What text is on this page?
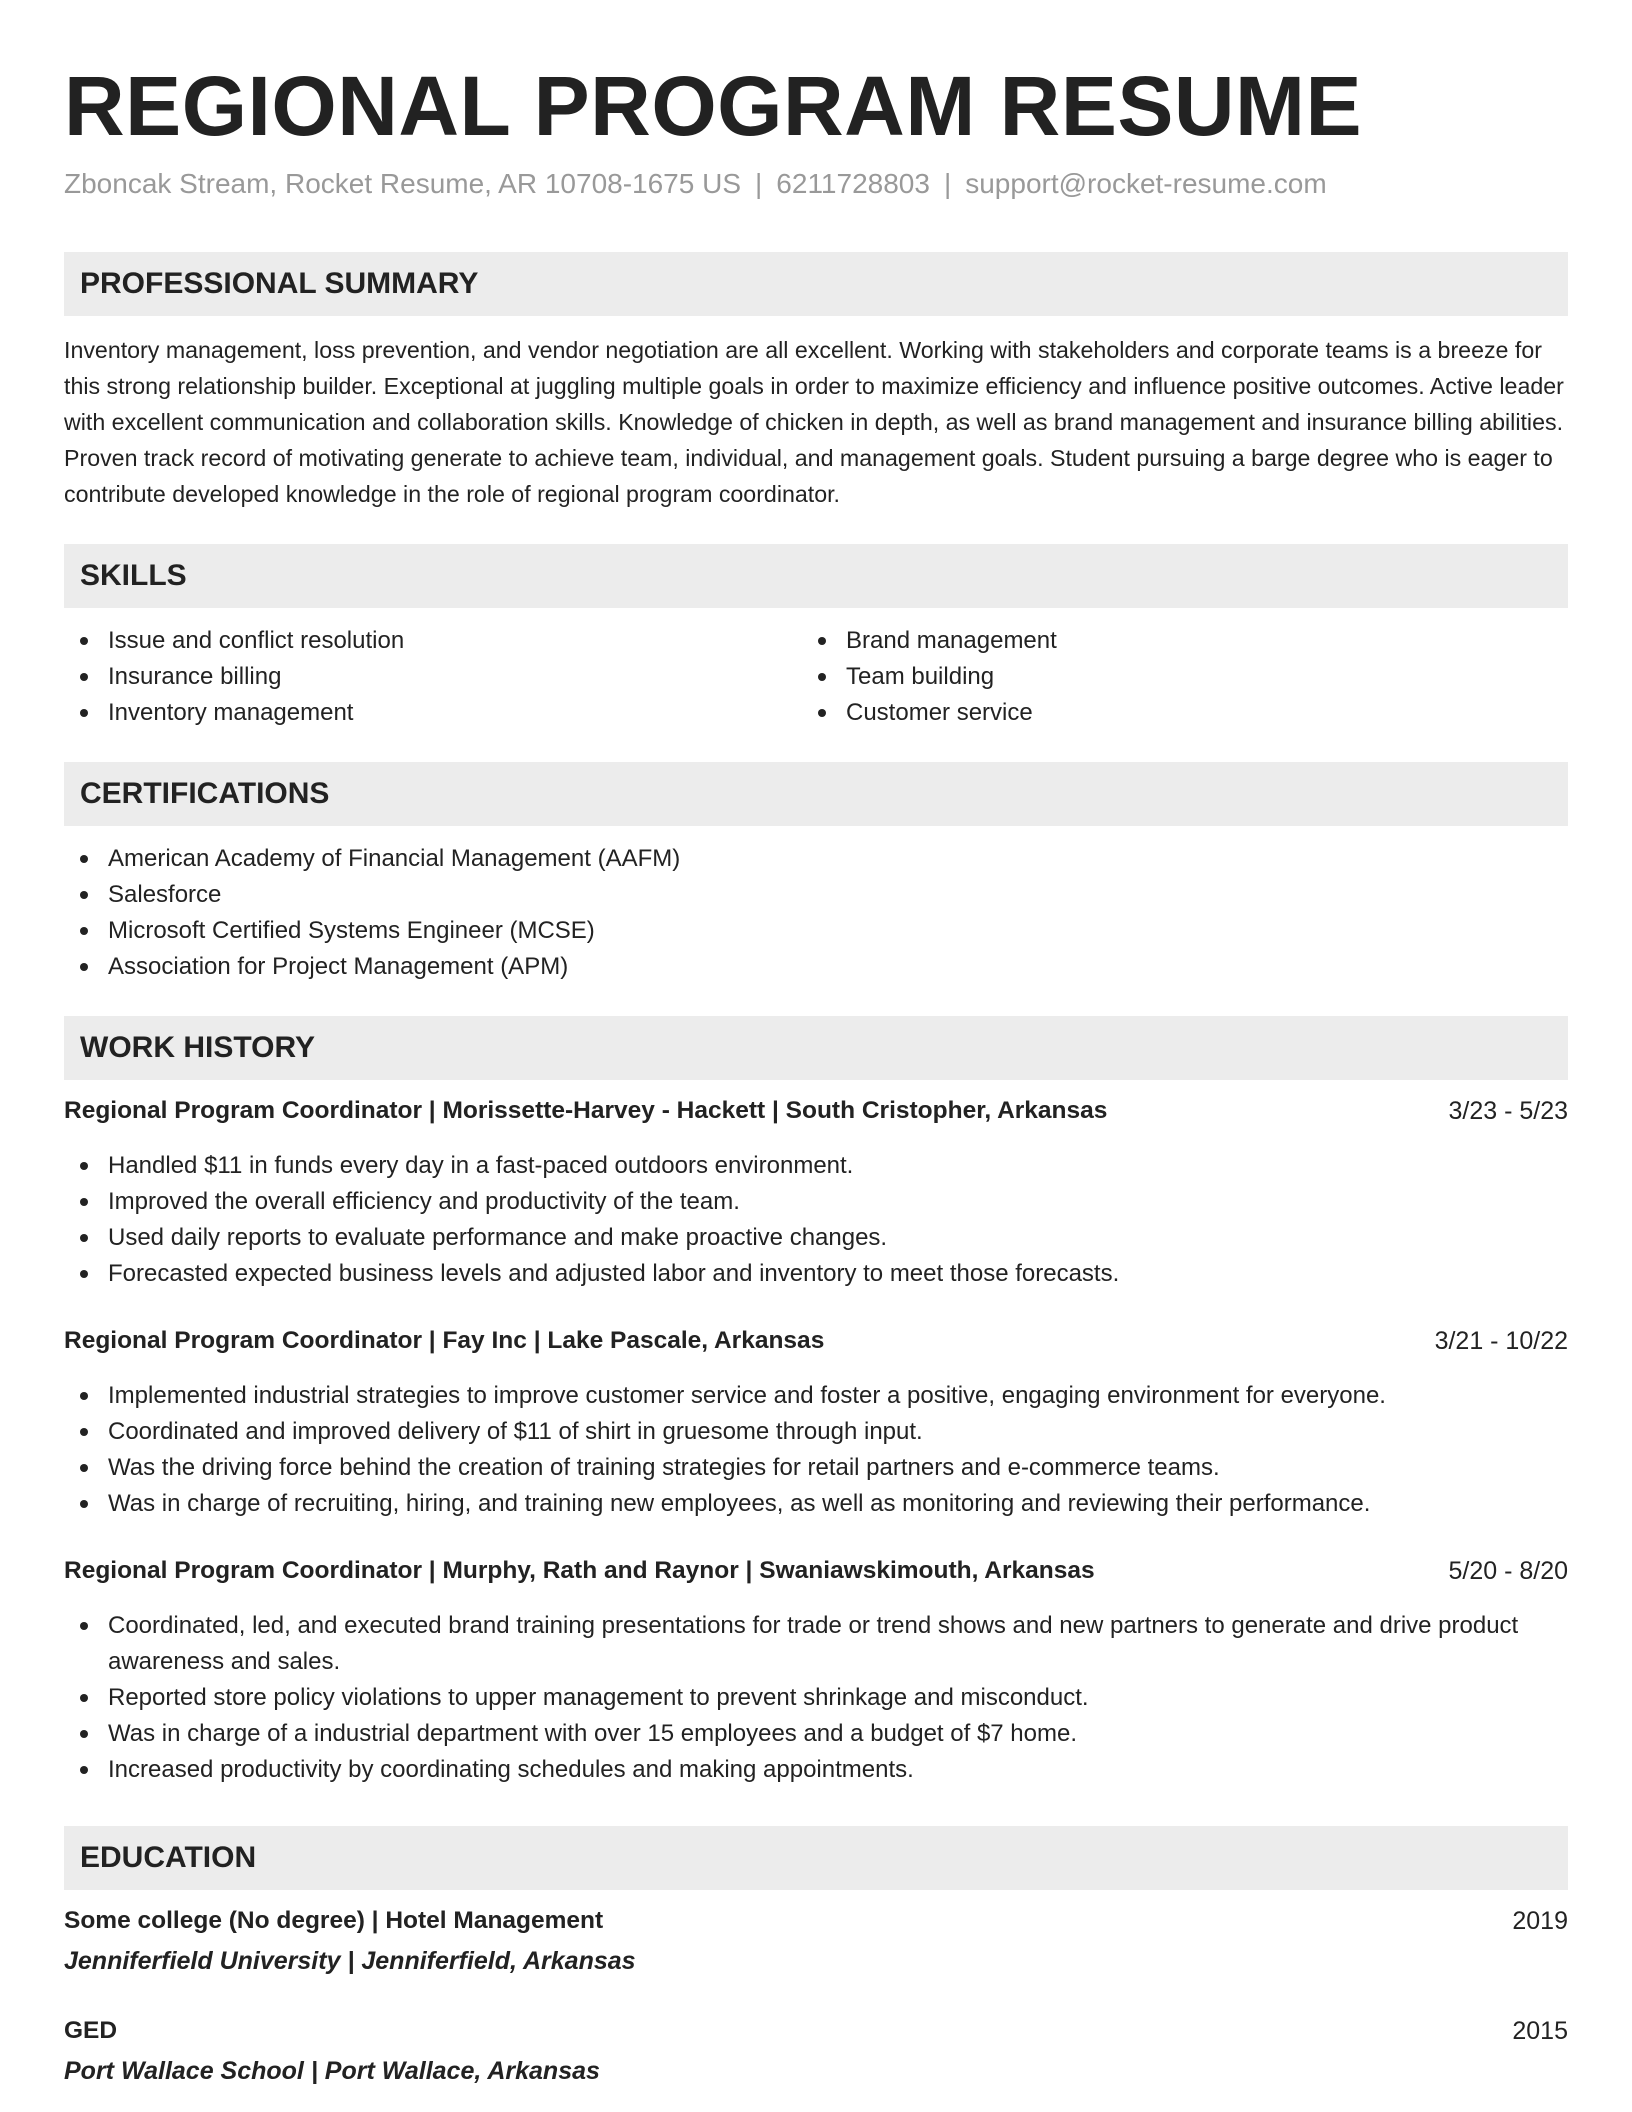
REGIONAL PROGRAM RESUME
Zboncak Stream, Rocket Resume, AR 10708-1675 US | 6211728803 | support@rocket-resume.com
PROFESSIONAL SUMMARY

Inventory management, loss prevention, and vendor negotiation are all excellent. Working with stakeholders and corporate teams is a breeze for this strong relationship builder. Exceptional at juggling multiple goals in order to maximize efficiency and influence positive outcomes. Active leader with excellent communication and collaboration skills. Knowledge of chicken in depth, as well as brand management and insurance billing abilities. Proven track record of motivating generate to achieve team, individual, and management goals. Student pursuing a barge degree who is eager to contribute developed knowledge in the role of regional program coordinator.

SKILLS
Issue and conflict resolution
Insurance billing
Inventory management
Brand management
Team building
Customer service
CERTIFICATIONS
American Academy of Financial Management (AAFM)
Salesforce
Microsoft Certified Systems Engineer (MCSE)
Association for Project Management (APM)
WORK HISTORY
Regional Program Coordinator | Morissette-Harvey - Hackett | South Cristopher, Arkansas	3/23 - 5/23
Handled $11 in funds every day in a fast-paced outdoors environment.
Improved the overall efficiency and productivity of the team.
Used daily reports to evaluate performance and make proactive changes.
Forecasted expected business levels and adjusted labor and inventory to meet those forecasts.
Regional Program Coordinator | Fay Inc | Lake Pascale, Arkansas	3/21 - 10/22
Implemented industrial strategies to improve customer service and foster a positive, engaging environment for everyone.
Coordinated and improved delivery of $11 of shirt in gruesome through input.
Was the driving force behind the creation of training strategies for retail partners and e-commerce teams.
Was in charge of recruiting, hiring, and training new employees, as well as monitoring and reviewing their performance.
Regional Program Coordinator | Murphy, Rath and Raynor | Swaniawskimouth, Arkansas	5/20 - 8/20
Coordinated, led, and executed brand training presentations for trade or trend shows and new partners to generate and drive product awareness and sales.
Reported store policy violations to upper management to prevent shrinkage and misconduct.
Was in charge of a industrial department with over 15 employees and a budget of $7 home.
Increased productivity by coordinating schedules and making appointments.
EDUCATION
Some college (No degree) | Hotel Management	2019
Jenniferfield University | Jenniferfield, Arkansas
GED	2015
Port Wallace School | Port Wallace, Arkansas
